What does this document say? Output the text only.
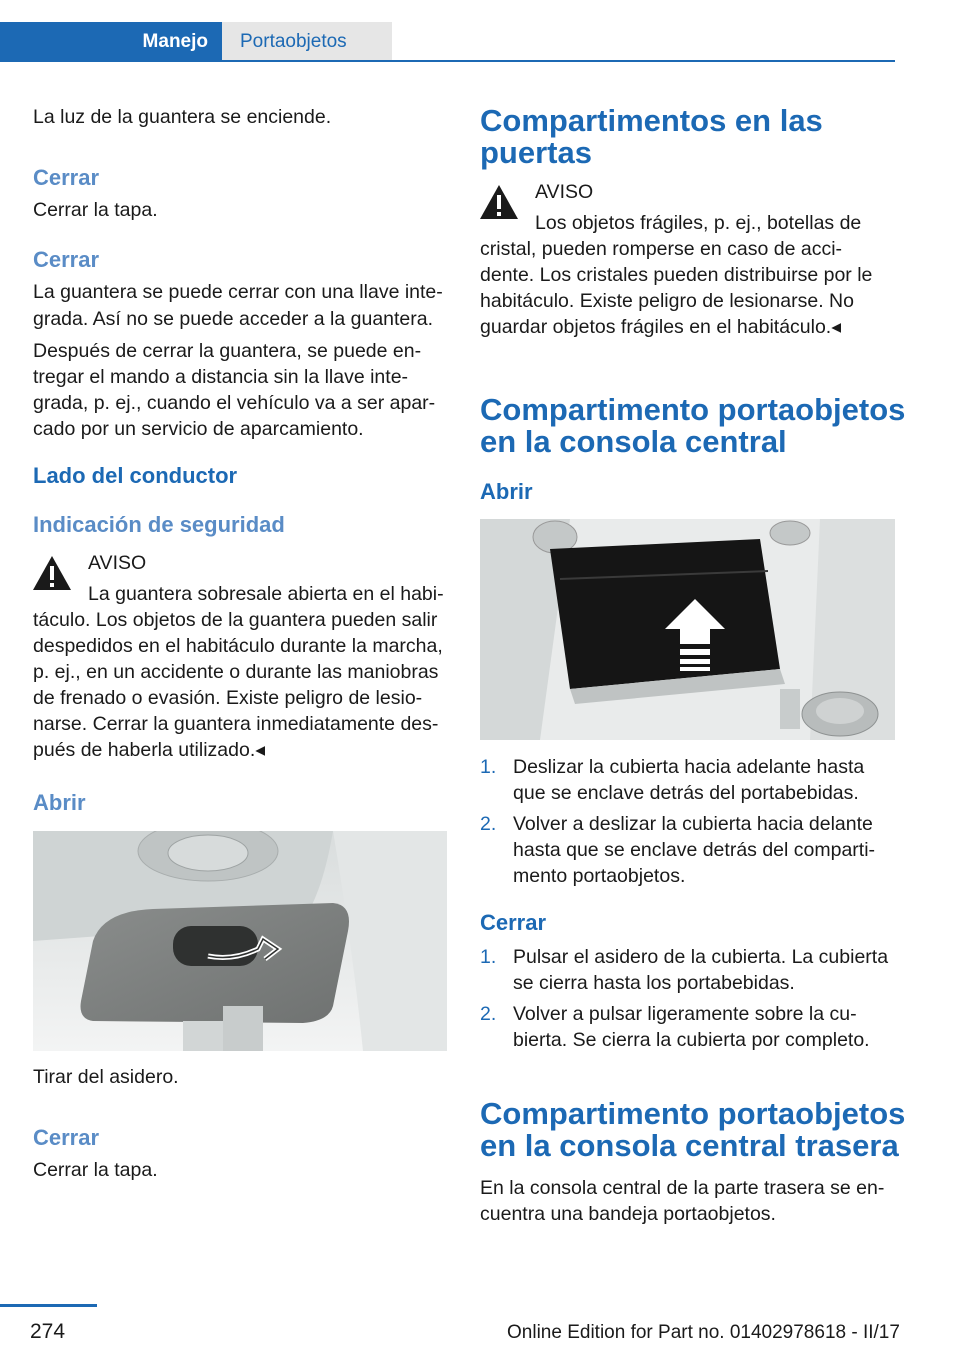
Manejo	Portaobjetos
La luz de la guantera se enciende.
Cerrar
Cerrar la tapa.
Cerrar
La guantera se puede cerrar con una llave inte‐
grada. Así no se puede acceder a la guantera.
Después de cerrar la guantera, se puede en‐
tregar el mando a distancia sin la llave inte‐
grada, p. ej., cuando el vehículo va a ser apar‐
cado por un servicio de aparcamiento.
Lado del conductor
Indicación de seguridad
AVISO
La guantera sobresale abierta en el habi‐
táculo. Los objetos de la guantera pueden salir
despedidos en el habitáculo durante la marcha,
p. ej., en un accidente o durante las maniobras
de frenado o evasión. Existe peligro de lesio‐
narse. Cerrar la guantera inmediatamente des‐
pués de haberla utilizado.◂
Abrir
Tirar del asidero.
Cerrar
Cerrar la tapa.
Compartimentos en las
puertas
AVISO
Los objetos frágiles, p. ej., botellas de
cristal, pueden romperse en caso de acci‐
dente. Los cristales pueden distribuirse por le
habitáculo. Existe peligro de lesionarse. No
guardar objetos frágiles en el habitáculo.◂
Compartimento portaobjetos
en la consola central
Abrir
1. Deslizar la cubierta hacia adelante hasta
que se enclave detrás del portabebidas.
2. Volver a deslizar la cubierta hacia delante
hasta que se enclave detrás del comparti‐
mento portaobjetos.
Cerrar
1. Pulsar el asidero de la cubierta. La cubierta
se cierra hasta los portabebidas.
2. Volver a pulsar ligeramente sobre la cu‐
bierta. Se cierra la cubierta por completo.
Compartimento portaobjetos
en la consola central trasera
En la consola central de la parte trasera se en‐
cuentra una bandeja portaobjetos.
274	Online Edition for Part no. 01402978618 - II/17
